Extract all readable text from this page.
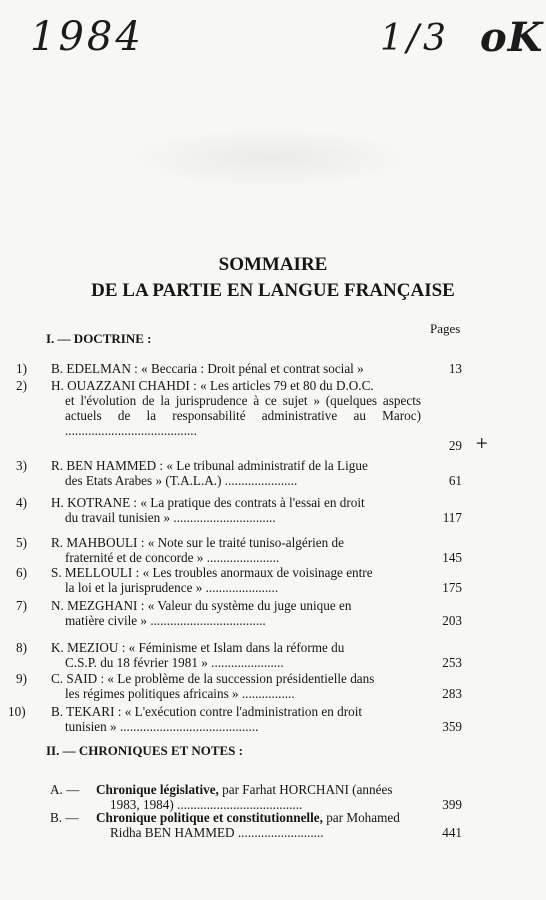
1984	1/3 oK
SOMMAIRE
DE LA PARTIE EN LANGUE FRANÇAISE
Pages
I. — DOCTRINE :
1) B. EDELMAN : « Beccaria : Droit pénal et contrat social »	13
2) H. OUAZZANI CHAHDI : « Les articles 79 et 80 du D.O.C.
et l'évolution de la jurisprudence à ce sujet » (quelques aspects actuels de la responsabilité administrative au Maroc) ........................................
29 +
3) R. BEN HAMMED : « Le tribunal administratif de la Ligue
des Etats Arabes » (T.A.L.A.) ......................	61
4) H. KOTRANE : « La pratique des contrats à l'essai en droit
du travail tunisien » ...............................	117
5) R. MAHBOULI : « Note sur le traité tuniso-algérien de
fraternité et de concorde » ......................	145
6) S. MELLOULI : « Les troubles anormaux de voisinage entre
la loi et la jurisprudence » ......................	175
7) N. MEZGHANI : « Valeur du système du juge unique en
matière civile » ...................................	203
8) K. MEZIOU : « Féminisme et Islam dans la réforme du
C.S.P. du 18 février 1981 » ......................	253
9) C. SAID : « Le problème de la succession présidentielle dans
les régimes politiques africains » ................	283
10) B. TEKARI : « L'exécution contre l'administration en droit
tunisien » ..........................................	359
II. — CHRONIQUES ET NOTES :
A. — Chronique législative, par Farhat HORCHANI (années
1983, 1984) ......................................	399
B. — Chronique politique et constitutionnelle, par Mohamed
Ridha BEN HAMMED ..........................	441
